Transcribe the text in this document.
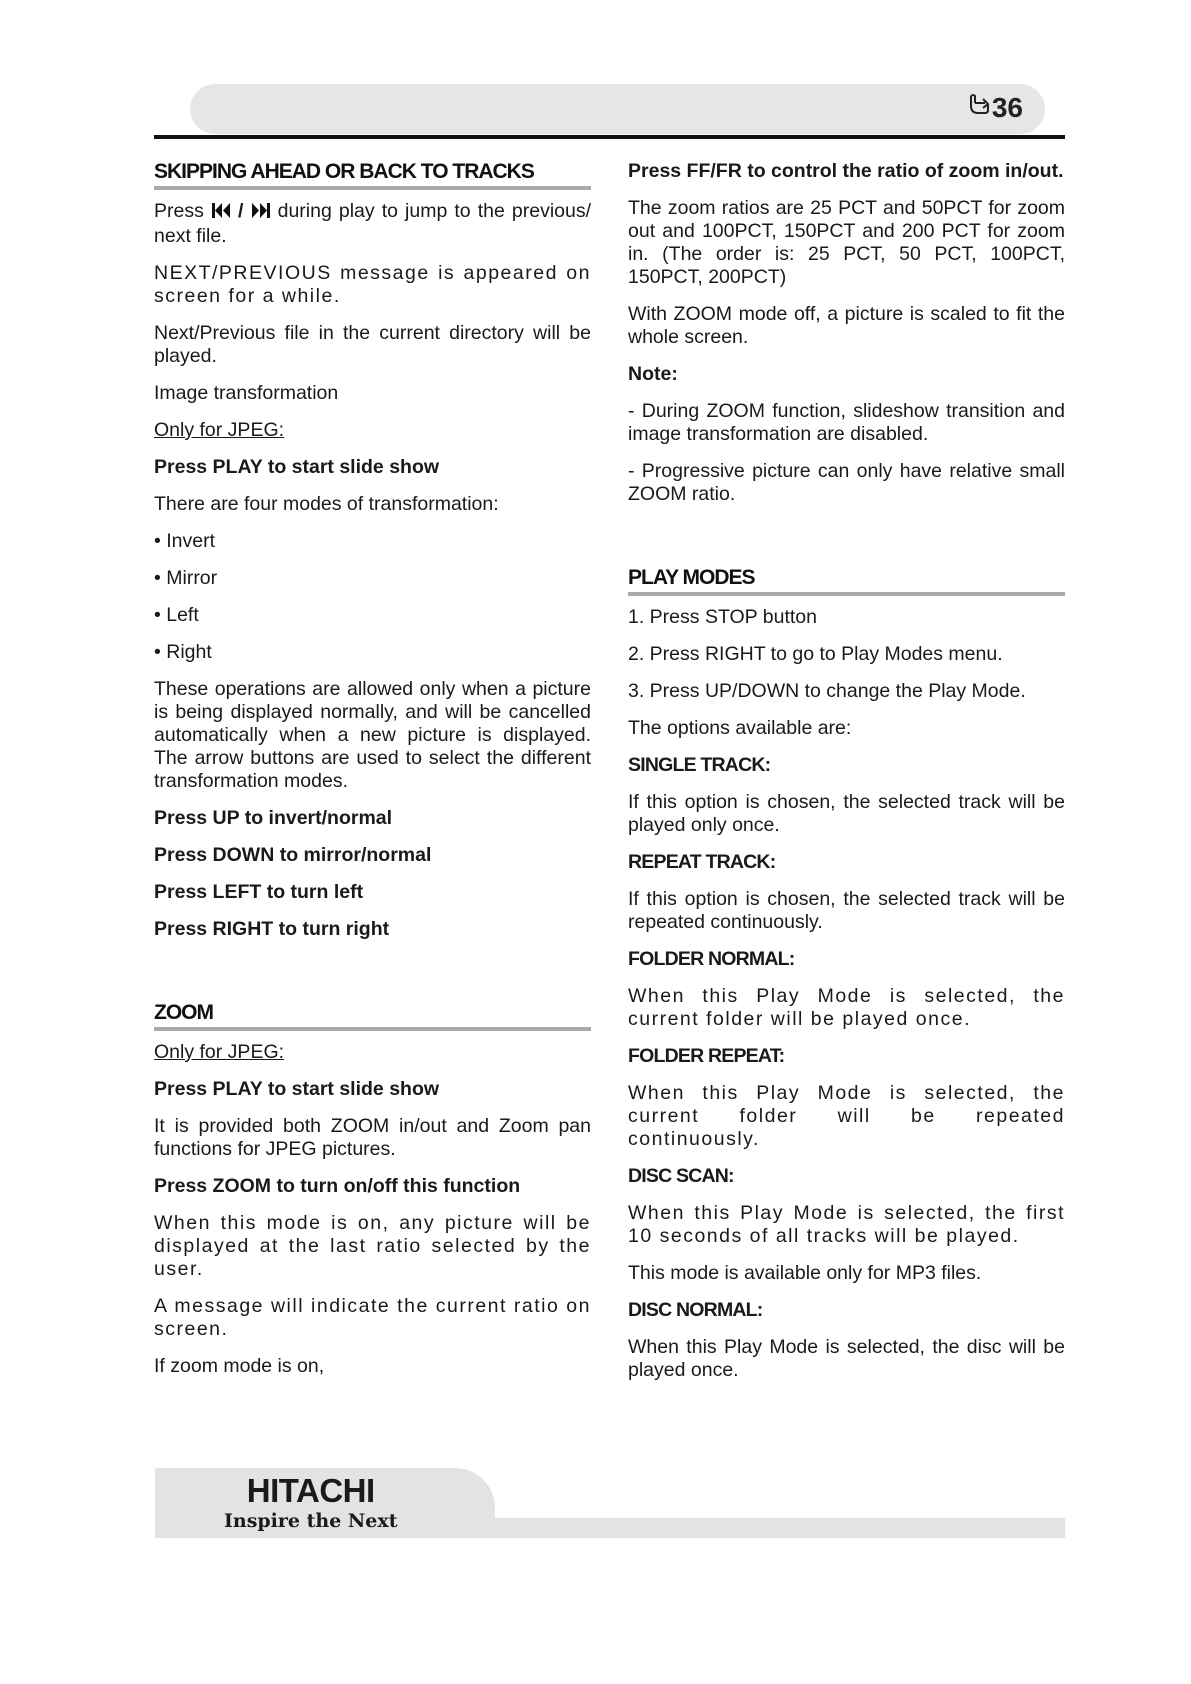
36
SKIPPING AHEAD OR BACK TO TRACKS

Press / during play to jump to the previous/ next file.

NEXT/PREVIOUS message is appeared on screen for a while.

Next/Previous file in the current directory will be played.

Image transformation

Only for JPEG:

Press PLAY to start slide show

There are four modes of transformation:

• Invert

• Mirror

• Left

• Right

These operations are allowed only when a picture is being displayed normally, and will be cancelled automatically when a new picture is displayed. The arrow buttons are used to select the different transformation modes.

Press UP to invert/normal

Press DOWN to mirror/normal

Press LEFT to turn left

Press RIGHT to turn right

ZOOM

Only for JPEG:

Press PLAY to start slide show

It is provided both ZOOM in/out and Zoom pan functions for JPEG pictures.

Press ZOOM to turn on/off this function

When this mode is on, any picture will be displayed at the last ratio selected by the user.

A message will indicate the current ratio on screen.

If zoom mode is on,

Press FF/FR to control the ratio of zoom in/out.

The zoom ratios are 25 PCT and 50PCT for zoom out and 100PCT, 150PCT and 200 PCT for zoom in. (The order is: 25 PCT, 50 PCT, 100PCT, 150PCT, 200PCT)

With ZOOM mode off, a picture is scaled to fit the whole screen.

Note:

- During ZOOM function, slideshow transition and image transformation are disabled.

- Progressive picture can only have relative small ZOOM ratio.

PLAY MODES

1. Press STOP button

2. Press RIGHT to go to Play Modes menu.

3. Press UP/DOWN to change the Play Mode.

The options available are:

SINGLE TRACK:

If this option is chosen, the selected track will be played only once.

REPEAT TRACK:

If this option is chosen, the selected track will be repeated continuously.

FOLDER NORMAL:

When this Play Mode is selected, the current folder will be played once.

FOLDER REPEAT:

When this Play Mode is selected, the current folder will be repeated continuously.

DISC SCAN:

When this Play Mode is selected, the first 10 seconds of all tracks will be played.

This mode is available only for MP3 files.

DISC NORMAL:

When this Play Mode is selected, the disc will be played once.

HITACHI
Inspire the Next
